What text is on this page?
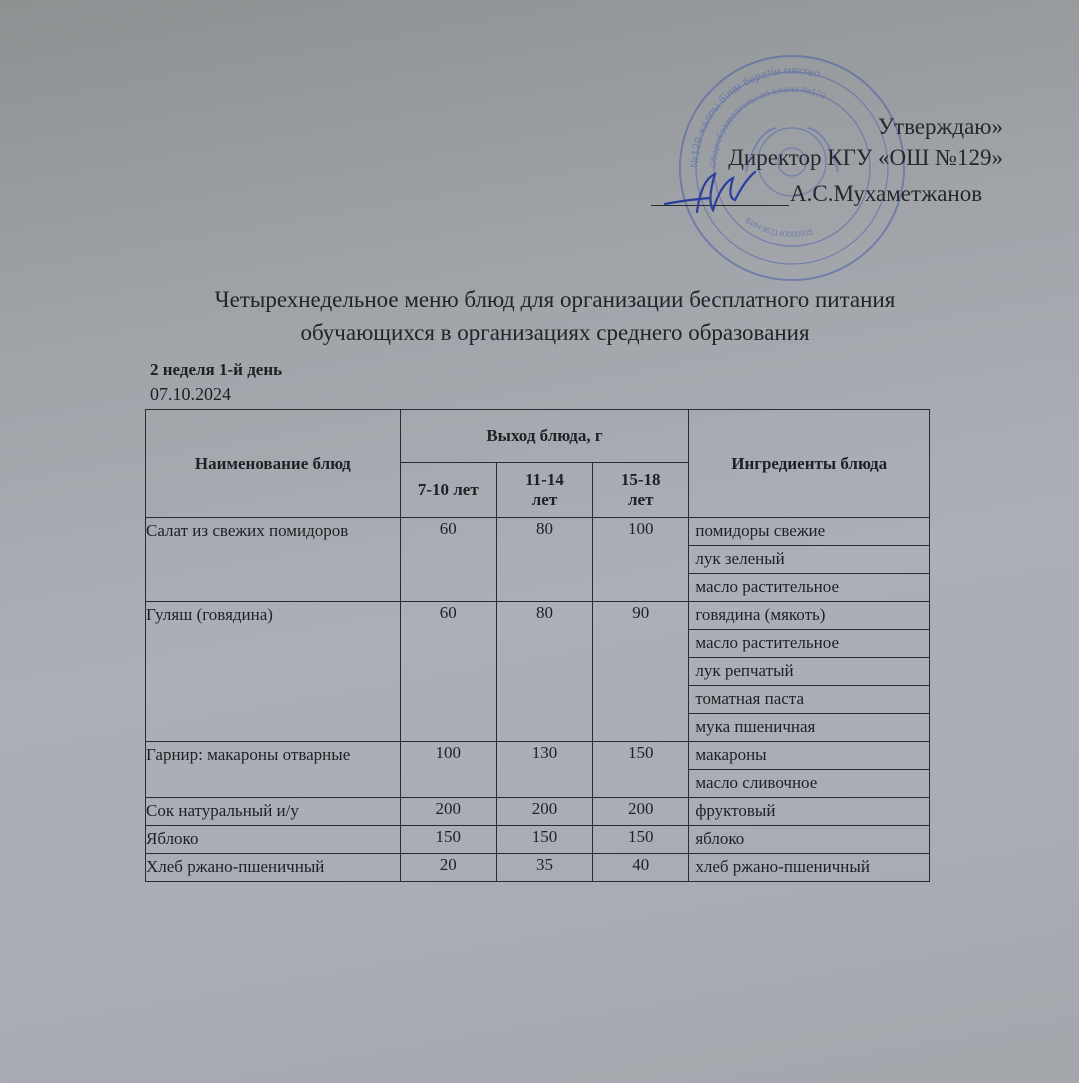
№129 жалпы білім беретін мектеп
Общеобразовательная школа №129
БИН 951140000935
Утверждаю»
Директор КГУ «ОШ №129»
А.С.Мухаметжанов
Четырехнедельное меню блюд для организации бесплатного питания
обучающихся в организациях среднего образования
2 неделя 1-й день
07.10.2024
Наименование блюд	Выход блюда, г			Ингредиенты блюда
	7-10 лет	11-14 лет	15-18 лет	
Салат из свежих помидоров	60	80	100	помидоры свежие
лук зеленый
масло растительное

Гуляш (говядина)	60	80	90	говядина (мякоть)
масло растительное
лук репчатый
томатная паста
мука пшеничная

Гарнир: макароны отварные	100	130	150	макароны
масло сливочное

Сок натуральный и/у	200	200	200	фруктовый

Яблоко	150	150	150	яблоко

Хлеб ржано-пшеничный	20	35	40	хлеб ржано-пшеничный
